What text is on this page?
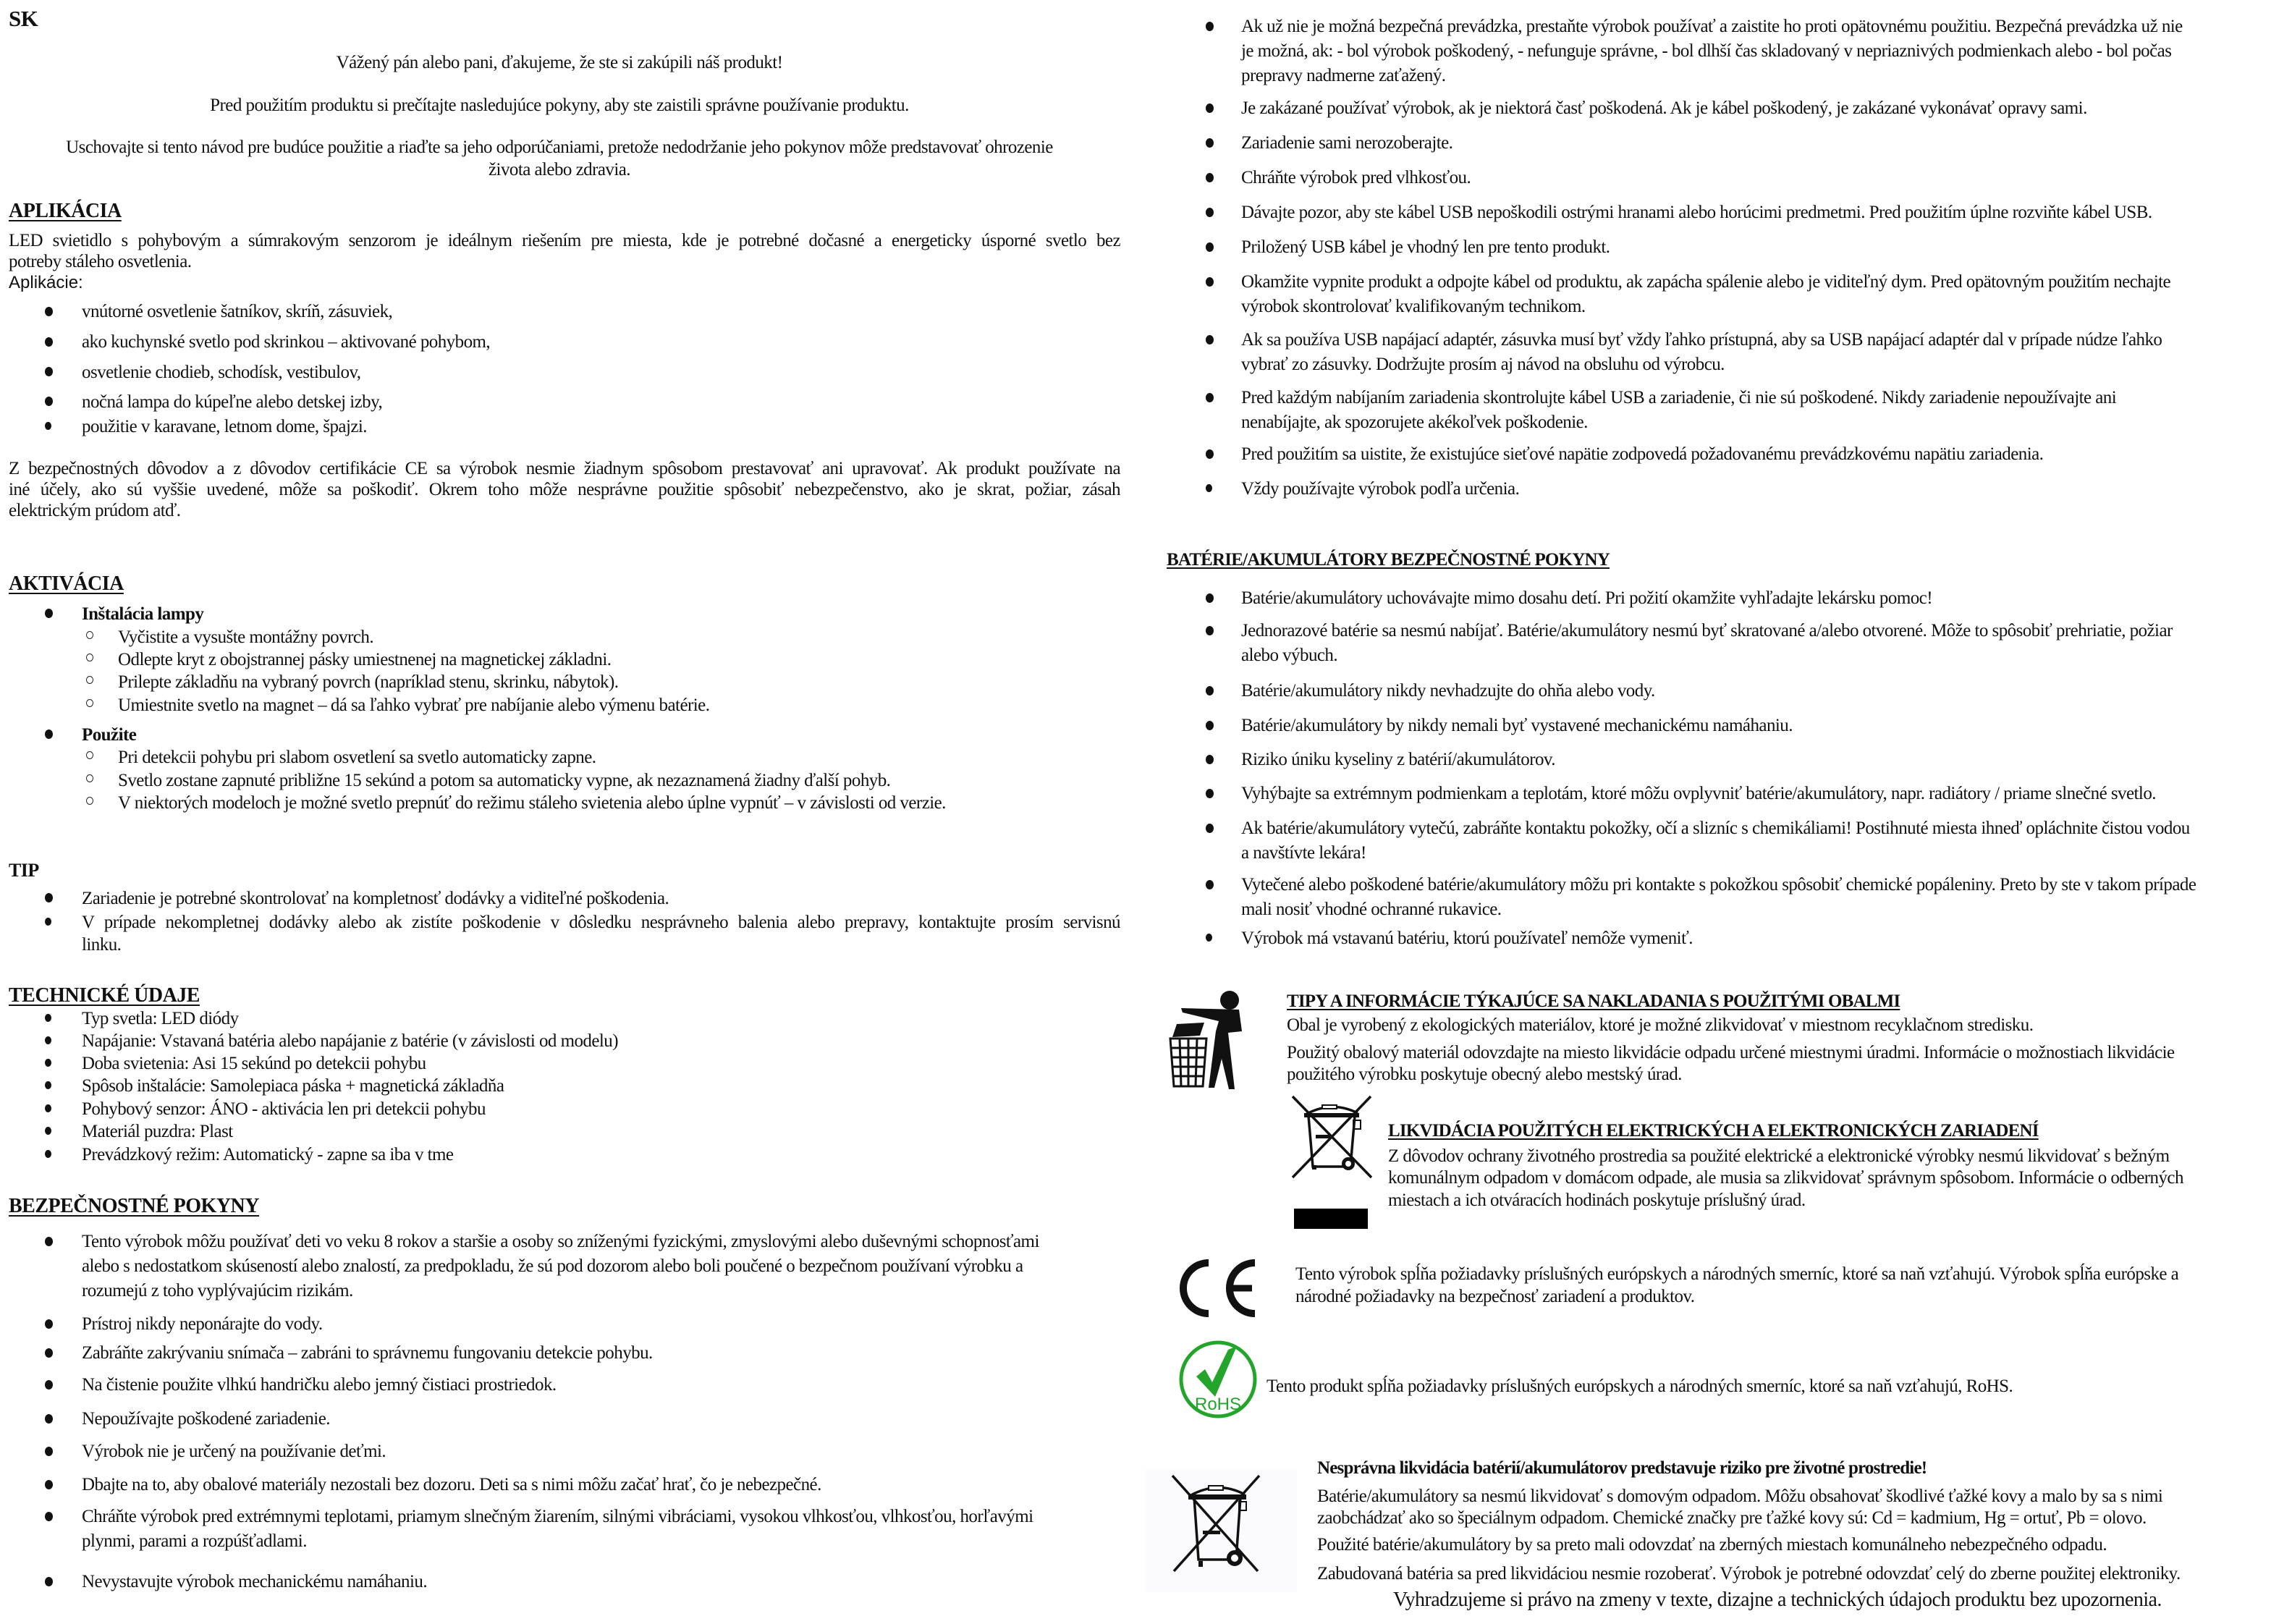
SK
Vážený pán alebo pani, ďakujeme, že ste si zakúpili náš produkt!
Pred použitím produktu si prečítajte nasledujúce pokyny, aby ste zaistili správne používanie produktu.
Uschovajte si tento návod pre budúce použitie a riaďte sa jeho odporúčaniami, pretože nedodržanie jeho pokynov môže predstavovať ohrozenie
života alebo zdravia.
APLIKÁCIA
LED svietidlo s pohybovým a súmrakovým senzorom je ideálnym riešením pre miesta, kde je potrebné dočasné a energeticky úsporné svetlo bez
potreby stáleho osvetlenia.
Aplikácie:
vnútorné osvetlenie šatníkov, skríň, zásuviek,
ako kuchynské svetlo pod skrinkou – aktivované pohybom,
osvetlenie chodieb, schodísk, vestibulov,
nočná lampa do kúpeľne alebo detskej izby,
použitie v karavane, letnom dome, špajzi.
Z bezpečnostných dôvodov a z dôvodov certifikácie CE sa výrobok nesmie žiadnym spôsobom prestavovať ani upravovať. Ak produkt používate na
iné účely, ako sú vyššie uvedené, môže sa poškodiť. Okrem toho môže nesprávne použitie spôsobiť nebezpečenstvo, ako je skrat, požiar, zásah
elektrickým prúdom atď.
AKTIVÁCIA
Inštalácia lampy
Vyčistite a vysušte montážny povrch.
Odlepte kryt z obojstrannej pásky umiestnenej na magnetickej základni.
Prilepte základňu na vybraný povrch (napríklad stenu, skrinku, nábytok).
Umiestnite svetlo na magnet – dá sa ľahko vybrať pre nabíjanie alebo výmenu batérie.
Použite
Pri detekcii pohybu pri slabom osvetlení sa svetlo automaticky zapne.
Svetlo zostane zapnuté približne 15 sekúnd a potom sa automaticky vypne, ak nezaznamená žiadny ďalší pohyb.
V niektorých modeloch je možné svetlo prepnúť do režimu stáleho svietenia alebo úplne vypnúť – v závislosti od verzie.
TIP
Zariadenie je potrebné skontrolovať na kompletnosť dodávky a viditeľné poškodenia.
V prípade nekompletnej dodávky alebo ak zistíte poškodenie v dôsledku nesprávneho balenia alebo prepravy, kontaktujte prosím servisnú
linku.
TECHNICKÉ ÚDAJE
Typ svetla: LED diódy
Napájanie: Vstavaná batéria alebo napájanie z batérie (v závislosti od modelu)
Doba svietenia: Asi 15 sekúnd po detekcii pohybu
Spôsob inštalácie: Samolepiaca páska + magnetická základňa
Pohybový senzor: ÁNO - aktivácia len pri detekcii pohybu
Materiál puzdra: Plast
Prevádzkový režim: Automatický - zapne sa iba v tme
BEZPEČNOSTNÉ POKYNY
Tento výrobok môžu používať deti vo veku 8 rokov a staršie a osoby so zníženými fyzickými, zmyslovými alebo duševnými schopnosťami
alebo s nedostatkom skúseností alebo znalostí, za predpokladu, že sú pod dozorom alebo boli poučené o bezpečnom používaní výrobku a
rozumejú z toho vyplývajúcim rizikám.
Prístroj nikdy neponárajte do vody.
Zabráňte zakrývaniu snímača – zabráni to správnemu fungovaniu detekcie pohybu.
Na čistenie použite vlhkú handričku alebo jemný čistiaci prostriedok.
Nepoužívajte poškodené zariadenie.
Výrobok nie je určený na používanie deťmi.
Dbajte na to, aby obalové materiály nezostali bez dozoru. Deti sa s nimi môžu začať hrať, čo je nebezpečné.
Chráňte výrobok pred extrémnymi teplotami, priamym slnečným žiarením, silnými vibráciami, vysokou vlhkosťou, vlhkosťou, horľavými
plynmi, parami a rozpúšťadlami.
Nevystavujte výrobok mechanickému namáhaniu.
Ak už nie je možná bezpečná prevádzka, prestaňte výrobok používať a zaistite ho proti opätovnému použitiu. Bezpečná prevádzka už nie
je možná, ak: - bol výrobok poškodený, - nefunguje správne, - bol dlhší čas skladovaný v nepriaznivých podmienkach alebo - bol počas
prepravy nadmerne zaťažený.
Je zakázané používať výrobok, ak je niektorá časť poškodená. Ak je kábel poškodený, je zakázané vykonávať opravy sami.
Zariadenie sami nerozoberajte.
Chráňte výrobok pred vlhkosťou.
Dávajte pozor, aby ste kábel USB nepoškodili ostrými hranami alebo horúcimi predmetmi. Pred použitím úplne rozviňte kábel USB.
Priložený USB kábel je vhodný len pre tento produkt.
Okamžite vypnite produkt a odpojte kábel od produktu, ak zapácha spálenie alebo je viditeľný dym. Pred opätovným použitím nechajte
výrobok skontrolovať kvalifikovaným technikom.
Ak sa používa USB napájací adaptér, zásuvka musí byť vždy ľahko prístupná, aby sa USB napájací adaptér dal v prípade núdze ľahko
vybrať zo zásuvky. Dodržujte prosím aj návod na obsluhu od výrobcu.
Pred každým nabíjaním zariadenia skontrolujte kábel USB a zariadenie, či nie sú poškodené. Nikdy zariadenie nepoužívajte ani
nenabíjajte, ak spozorujete akékoľvek poškodenie.
Pred použitím sa uistite, že existujúce sieťové napätie zodpovedá požadovanému prevádzkovému napätiu zariadenia.
Vždy používajte výrobok podľa určenia.
BATÉRIE/AKUMULÁTORY BEZPEČNOSTNÉ POKYNY
Batérie/akumulátory uchovávajte mimo dosahu detí. Pri požití okamžite vyhľadajte lekársku pomoc!
Jednorazové batérie sa nesmú nabíjať. Batérie/akumulátory nesmú byť skratované a/alebo otvorené. Môže to spôsobiť prehriatie, požiar
alebo výbuch.
Batérie/akumulátory nikdy nevhadzujte do ohňa alebo vody.
Batérie/akumulátory by nikdy nemali byť vystavené mechanickému namáhaniu.
Riziko úniku kyseliny z batérií/akumulátorov.
Vyhýbajte sa extrémnym podmienkam a teplotám, ktoré môžu ovplyvniť batérie/akumulátory, napr. radiátory / priame slnečné svetlo.
Ak batérie/akumulátory vytečú, zabráňte kontaktu pokožky, očí a slizníc s chemikáliami! Postihnuté miesta ihneď opláchnite čistou vodou
a navštívte lekára!
Vytečené alebo poškodené batérie/akumulátory môžu pri kontakte s pokožkou spôsobiť chemické popáleniny. Preto by ste v takom prípade
mali nosiť vhodné ochranné rukavice.
Výrobok má vstavanú batériu, ktorú používateľ nemôže vymeniť.
TIPY A INFORMÁCIE TÝKAJÚCE SA NAKLADANIA S POUŽITÝMI OBALMI
Obal je vyrobený z ekologických materiálov, ktoré je možné zlikvidovať v miestnom recyklačnom stredisku.
Použitý obalový materiál odovzdajte na miesto likvidácie odpadu určené miestnymi úradmi. Informácie o možnostiach likvidácie
použitého výrobku poskytuje obecný alebo mestský úrad.
LIKVIDÁCIA POUŽITÝCH ELEKTRICKÝCH A ELEKTRONICKÝCH ZARIADENÍ
Z dôvodov ochrany životného prostredia sa použité elektrické a elektronické výrobky nesmú likvidovať s bežným
komunálnym odpadom v domácom odpade, ale musia sa zlikvidovať správnym spôsobom. Informácie o odberných
miestach a ich otváracích hodinách poskytuje príslušný úrad.
CE
Tento výrobok spĺňa požiadavky príslušných európskych a národných smerníc, ktoré sa naň vzťahujú. Výrobok spĺňa európske a
národné požiadavky na bezpečnosť zariadení a produktov.
RoHS
Tento produkt spĺňa požiadavky príslušných európskych a národných smerníc, ktoré sa naň vzťahujú, RoHS.
Nesprávna likvidácia batérií/akumulátorov predstavuje riziko pre životné prostredie!
Batérie/akumulátory sa nesmú likvidovať s domovým odpadom. Môžu obsahovať škodlivé ťažké kovy a malo by sa s nimi
zaobchádzať ako so špeciálnym odpadom. Chemické značky pre ťažké kovy sú: Cd = kadmium, Hg = ortuť, Pb = olovo.
Použité batérie/akumulátory by sa preto mali odovzdať na zberných miestach komunálneho nebezpečného odpadu.
Zabudovaná batéria sa pred likvidáciou nesmie rozoberať. Výrobok je potrebné odovzdať celý do zberne použitej elektroniky.
Vyhradzujeme si právo na zmeny v texte, dizajne a technických údajoch produktu bez upozornenia.
